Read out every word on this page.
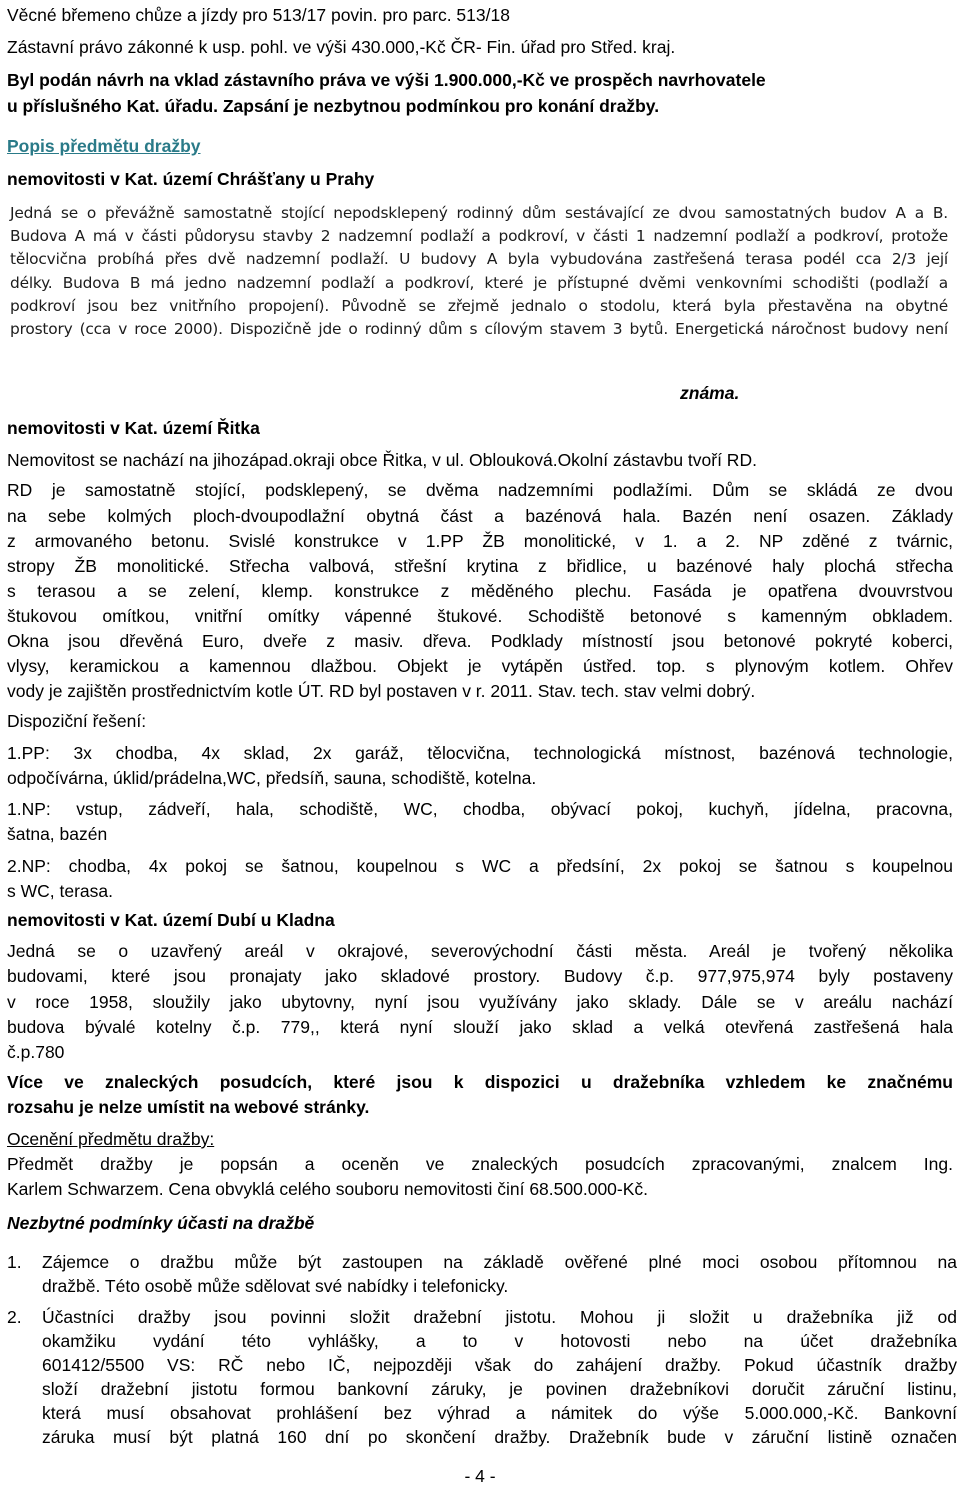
Věcné břemeno chůze a jízdy pro 513/17 povin. pro parc. 513/18
Zástavní právo zákonné k usp. pohl. ve výši 430.000,-Kč ČR- Fin. úřad pro Střed. kraj.
Byl podán návrh na vklad zástavního práva ve výši 1.900.000,-Kč ve prospěch navrhovatele
u příslušného Kat. úřadu. Zapsání je nezbytnou podmínkou pro konání dražby.
Popis předmětu dražby
nemovitosti v Kat. území Chrášťany u Prahy
Jedná se o převážně samostatně stojící nepodsklepený rodinný dům sestávající ze dvou samostatných budov A a B.
Budova A má v části půdorysu stavby 2 nadzemní podlaží a podkroví, v části 1 nadzemní podlaží a podkroví, protože
tělocvična probíhá přes dvě nadzemní podlaží. U budovy A byla vybudována zastřešená terasa podél cca 2/3 její
délky. Budova B má jedno nadzemní podlaží a podkroví, které je přístupné dvěmi venkovními schodišti (podlaží a
podkroví jsou bez vnitřního propojení). Původně se zřejmě jednalo o stodolu, která byla přestavěna na obytné
prostory (cca v roce 2000). Dispozičně jde o rodinný dům s cílovým stavem 3 bytů. Energetická náročnost budovy není
známa.
nemovitosti v Kat. území Řitka
Nemovitost se nachází na jihozápad.okraji obce Řitka, v ul. Oblouková.Okolní zástavbu tvoří RD.
RD je samostatně stojící, podsklepený, se dvěma nadzemními podlažími. Dům se skládá ze dvou
na sebe kolmých ploch-dvoupodlažní obytná část a bazénová hala. Bazén není osazen. Základy
z armovaného betonu. Svislé konstrukce v 1.PP ŽB monolitické, v 1. a 2. NP zděné z tvárnic,
stropy ŽB monolitické. Střecha valbová, střešní krytina z břidlice, u bazénové haly plochá střecha
s terasou a se zelení, klemp. konstrukce z měděného plechu. Fasáda je opatřena dvouvrstvou
štukovou omítkou, vnitřní omítky vápenné štukové. Schodiště betonové s kamenným obkladem.
Okna jsou dřevěná Euro, dveře z masiv. dřeva. Podklady místností jsou betonové pokryté koberci,
vlysy, keramickou a kamennou dlažbou. Objekt je vytápěn ústřed. top. s plynovým kotlem. Ohřev
vody je zajištěn prostřednictvím kotle ÚT. RD byl postaven v r. 2011. Stav. tech. stav velmi dobrý.
Dispoziční řešení:
1.PP: 3x chodba, 4x sklad, 2x garáž, tělocvična, technologická místnost, bazénová technologie,
odpočívárna, úklid/prádelna,WC, předsíň, sauna, schodiště, kotelna.
1.NP: vstup, zádveří, hala, schodiště, WC, chodba, obývací pokoj, kuchyň, jídelna, pracovna,
šatna, bazén
2.NP: chodba, 4x pokoj se šatnou, koupelnou s WC a předsíní, 2x pokoj se šatnou s koupelnou
s WC, terasa.
nemovitosti v Kat. území Dubí u Kladna
Jedná se o uzavřený areál v okrajové, severovýchodní části města. Areál je tvořený několika
budovami, které jsou pronajaty jako skladové prostory. Budovy č.p. 977,975,974 byly postaveny
v roce 1958, sloužily jako ubytovny, nyní jsou využívány jako sklady. Dále se v areálu nachází
budova bývalé kotelny č.p. 779,, která nyní slouží jako sklad a velká otevřená zastřešená hala
č.p.780
Více ve znaleckých posudcích, které jsou k dispozici u dražebníka vzhledem ke značnému
rozsahu je nelze umístit na webové stránky.
Ocenění předmětu dražby:
Předmět dražby je popsán a oceněn ve znaleckých posudcích zpracovanými, znalcem Ing.
Karlem Schwarzem. Cena obvyklá celého souboru nemovitosti činí 68.500.000-Kč.
Nezbytné podmínky účasti na dražbě
1. Zájemce o dražbu může být zastoupen na základě ověřené plné moci osobou přítomnou na
dražbě. Této osobě může sdělovat své nabídky i telefonicky.
2. Účastníci dražby jsou povinni složit dražební jistotu. Mohou ji složit u dražebníka již od
okamžiku vydání této vyhlášky, a to v hotovosti nebo na účet dražebníka
601412/5500 VS: RČ nebo IČ, nejpozději však do zahájení dražby. Pokud účastník dražby
složí dražební jistotu formou bankovní záruky, je povinen dražebníkovi doručit záruční listinu,
která musí obsahovat prohlášení bez výhrad a námitek do výše 5.000.000,-Kč. Bankovní
záruka musí být platná 160 dní po skončení dražby. Dražebník bude v záruční listině označen
- 4 -
